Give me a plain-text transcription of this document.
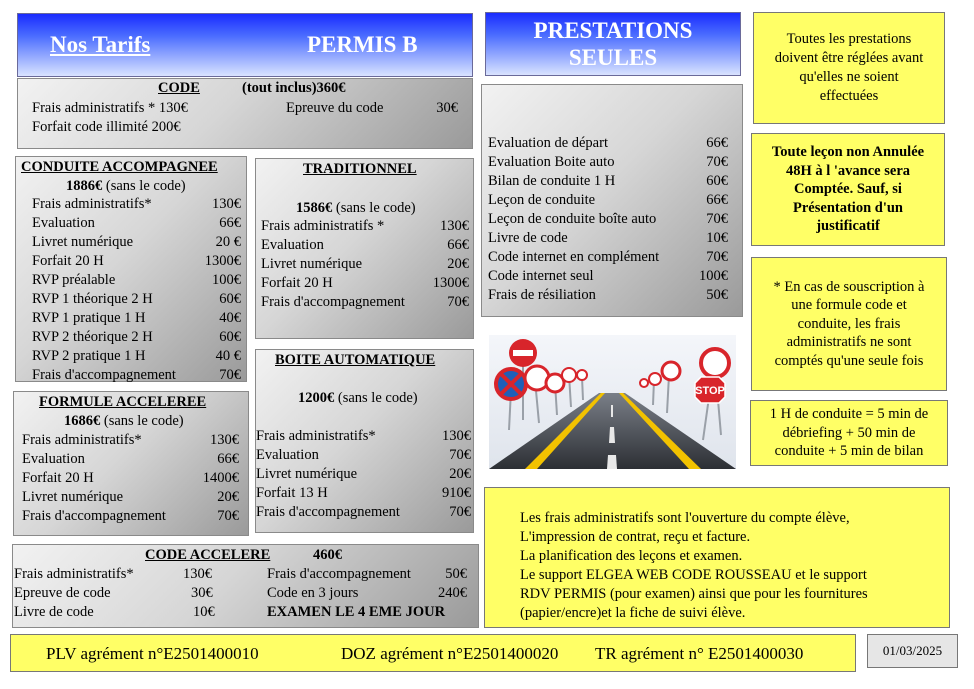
Nos Tarifs	PERMIS B
PRESTATIONS
SEULES
CODE	(tout inclus)360€
Frais administratifs * 130€
Forfait code illimité 200€
Epreuve du code	30€
CONDUITE ACCOMPAGNEE
1886€ (sans le code)
Frais administratifs*	130€
Evaluation	66€
Livret numérique	20 €
Forfait 20 H	1300€
RVP préalable	100€
RVP 1 théorique 2 H	60€
RVP 1 pratique 1 H	40€
RVP 2 théorique 2 H	60€
RVP 2 pratique 1 H	40 €
Frais d'accompagnement	70€
TRADITIONNEL
1586€ (sans le code)
Frais administratifs *	130€
Evaluation	66€
Livret numérique	20€
Forfait 20 H	1300€
Frais d'accompagnement	70€
BOITE AUTOMATIQUE
1200€ (sans le code)
Frais administratifs*	130€
Evaluation	70€
Livret numérique	20€
Forfait 13 H	910€
Frais d'accompagnement	70€
FORMULE ACCELEREE
1686€ (sans le code)
Frais administratifs*	130€
Evaluation	66€
Forfait 20 H	1400€
Livret numérique	20€
Frais d'accompagnement	70€
CODE ACCELERE	460€
Frais administratifs*	130€
Epreuve de code	30€
Livre de code	10€
Frais d'accompagnement 50€
Code en 3 jours	240€
EXAMEN LE 4 EME JOUR
Evaluation de départ	66€
Evaluation Boite auto	70€
Bilan de conduite 1 H	60€
Leçon de conduite	66€
Leçon de conduite boîte auto	70€
Livre de code	10€
Code internet en complément	70€
Code internet seul	100€
Frais de résiliation	50€
STOP
Toutes les prestations doivent être réglées avant qu'elles ne soient effectuées
Toute leçon non Annulée 48H à l 'avance sera Comptée. Sauf, si Présentation d'un justificatif
* En cas de souscription à une formule code et conduite, les frais administratifs ne sont comptés qu'une seule fois
1 H de conduite = 5 min de débriefing + 50 min de conduite + 5 min de bilan
Les frais administratifs sont l'ouverture du compte élève,
L'impression de contrat, reçu et facture.
La planification des leçons et examen.
Le support ELGEA WEB CODE ROUSSEAU et le support
RDV PERMIS (pour examen) ainsi que pour les fournitures
(papier/encre)et la fiche de suivi élève.
PLV agrément n°E2501400010	DOZ agrément n°E2501400020 TR agrément n° E2501400030	01/03/2025
